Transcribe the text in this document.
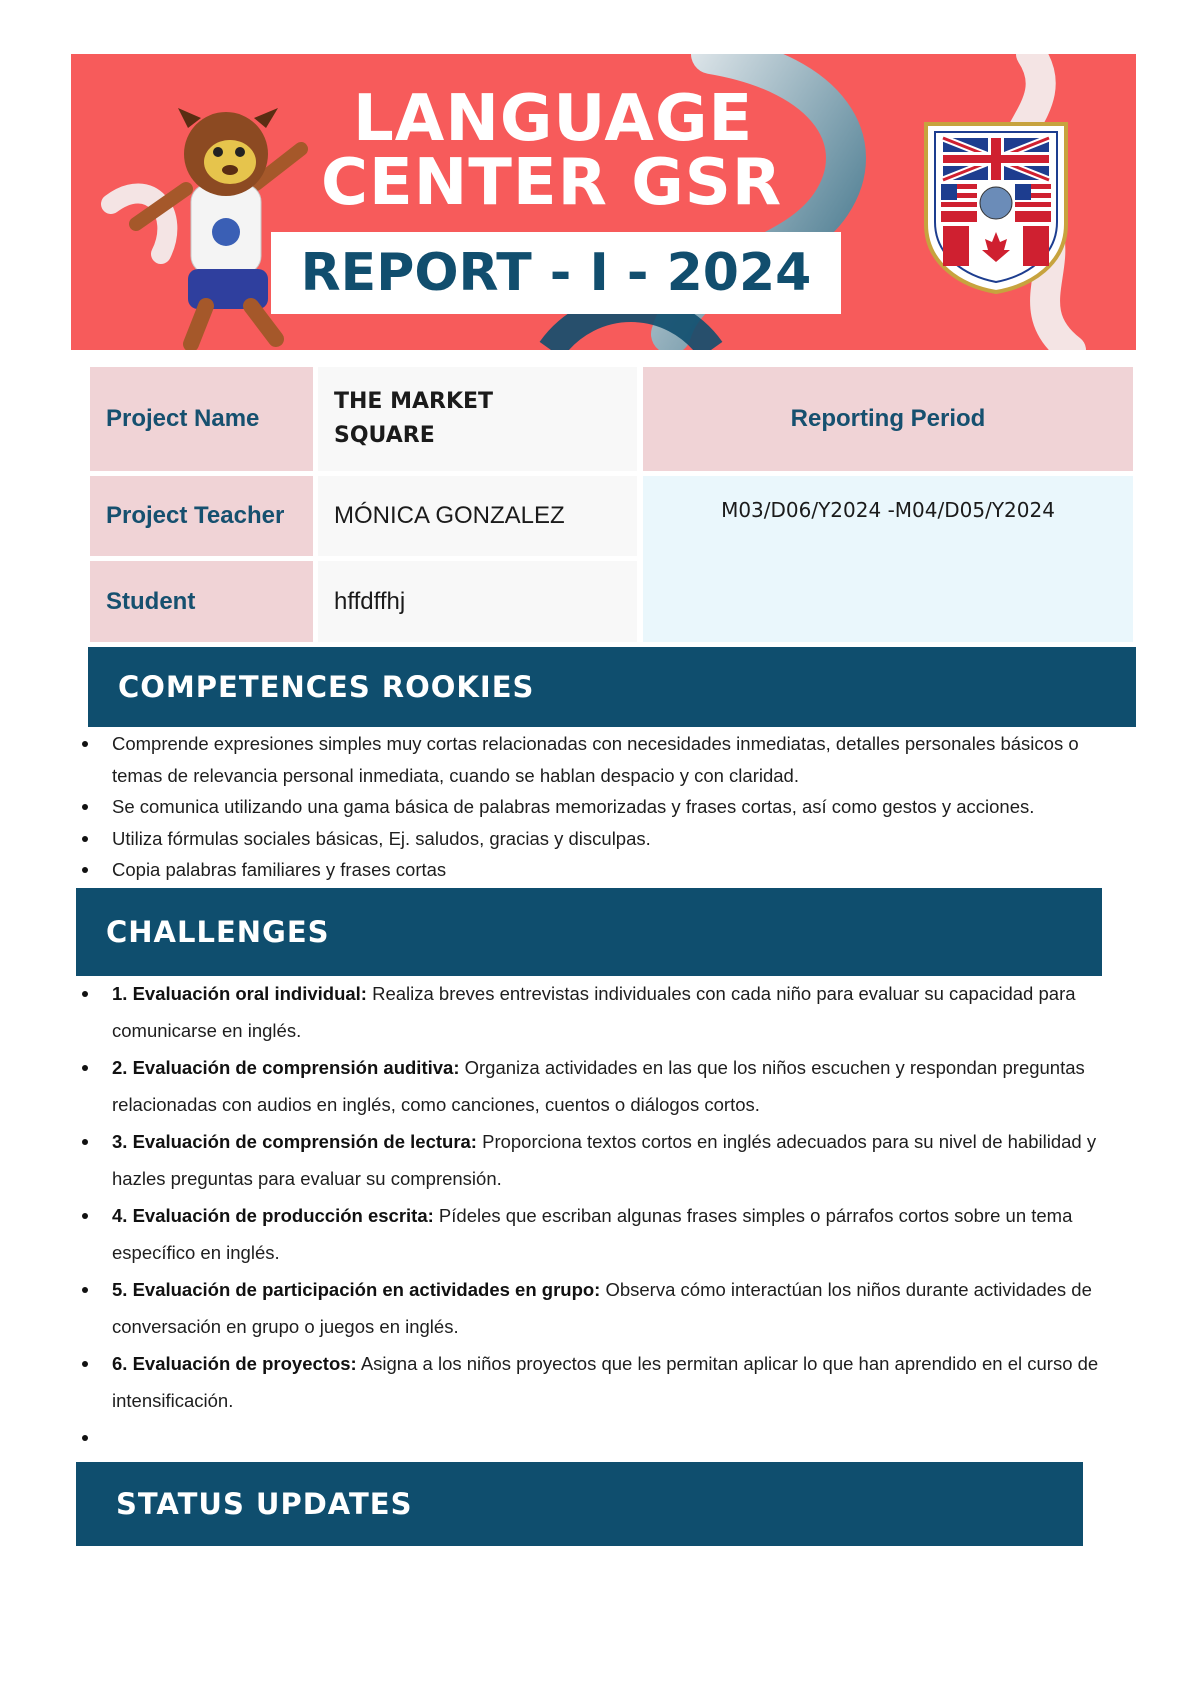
LANGUAGE
CENTER GSR
REPORT - I - 2024
Project Name
THE MARKET
SQUARE
Reporting Period
Project Teacher MÓNICA GONZALEZ	M03/D06/Y2024 -M04/D05/Y2024
Student	hffdffhj
COMPETENCES ROOKIES
Comprende expresiones simples muy cortas relacionadas con necesidades inmediatas, detalles personales básicos o temas de relevancia personal inmediata, cuando se hablan despacio y con claridad.
Se comunica utilizando una gama básica de palabras memorizadas y frases cortas, así como gestos y acciones.
Utiliza fórmulas sociales básicas, Ej. saludos, gracias y disculpas.
Copia palabras familiares y frases cortas
CHALLENGES
1. Evaluación oral individual: Realiza breves entrevistas individuales con cada niño para evaluar su capacidad para comunicarse en inglés.
2. Evaluación de comprensión auditiva: Organiza actividades en las que los niños escuchen y respondan preguntas relacionadas con audios en inglés, como canciones, cuentos o diálogos cortos.
3. Evaluación de comprensión de lectura: Proporciona textos cortos en inglés adecuados para su nivel de habilidad y hazles preguntas para evaluar su comprensión.
4. Evaluación de producción escrita: Pídeles que escriban algunas frases simples o párrafos cortos sobre un tema específico en inglés.
5. Evaluación de participación en actividades en grupo: Observa cómo interactúan los niños durante actividades de conversación en grupo o juegos en inglés.
6. Evaluación de proyectos: Asigna a los niños proyectos que les permitan aplicar lo que han aprendido en el curso de intensificación.
STATUS UPDATES
